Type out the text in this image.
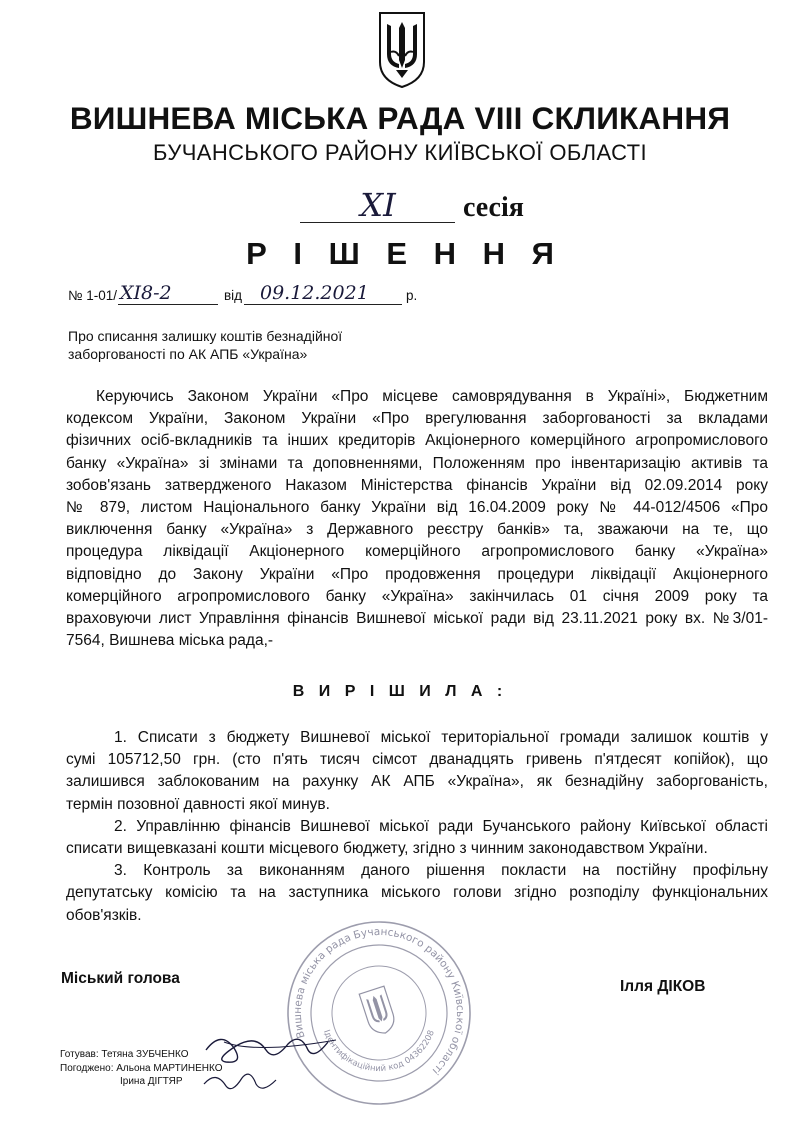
ВИШНЕВА МІСЬКА РАДА VIII СКЛИКАННЯ
БУЧАНСЬКОГО РАЙОНУ КИЇВСЬКОЇ ОБЛАСТІ
XI	сесія
Р І Ш Е Н Н Я
№ 1-01/ XI8-2	від 09.12.2021	р.
Про списання залишку коштів безнадійної
заборгованості по АК АПБ «Україна»
Керуючись Законом України «Про місцеве самоврядування в Україні», Бюджетним
кодексом України, Законом України «Про врегулювання заборгованості за вкладами
фізичних осіб-вкладників та інших кредиторів Акціонерного комерційного агропромислового
банку «Україна» зі змінами та доповненнями, Положенням про інвентаризацію активів та
зобов'язань затвердженого Наказом Міністерства фінансів України від 02.09.2014 року
№ 879, листом Національного банку України від 16.04.2009 року № 44-012/4506 «Про
виключення банку «Україна» з Державного реєстру банків» та, зважаючи на те, що
процедура ліквідації Акціонерного комерційного агропромислового банку «Україна»
відповідно до Закону України «Про продовження процедури ліквідації Акціонерного
комерційного агропромислового банку «Україна» закінчилась 01 січня 2009 року та
враховуючи лист Управління фінансів Вишневої міської ради від 23.11.2021 року вх. №3/01-
7564, Вишнева міська рада,-
В И Р І Ш И Л А :
1. Списати з бюджету Вишневої міської територіальної громади залишок коштів у
сумі 105712,50 грн. (сто п'ять тисяч сімсот дванадцять гривень п'ятдесят копійок), що
залишився заблокованим на рахунку АК АПБ «Україна», як безнадійну заборгованість,
термін позовної давності якої минув.
2. Управлінню фінансів Вишневої міської ради Бучанського району Київської області
списати вищевказані кошти місцевого бюджету, згідно з чинним законодавством України.
3. Контроль за виконанням даного рішення покласти на постійну профільну
депутатську комісію та на заступника міського голови згідно розподілу функціональних
обов'язків.
Міський голова	Ілля ДІКОВ
Вишнева міська рада Бучанського району Київської області
Ідентифікаційний код 04362208
Готував: Тетяна ЗУБЧЕНКО
Погоджено: Альона МАРТИНЕНКО
Ірина ДІГТЯР
